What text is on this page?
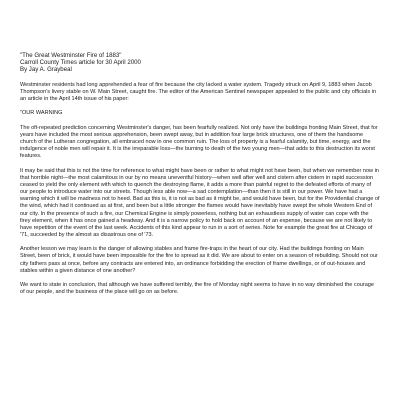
"The Great Westminster Fire of 1883"

Carroll County Times article for 30 April 2000

By Jay A. Graybeal

Westminster residents had long apprehended a fear of fire because the city lacked a water system. Tragedy struck on April 9, 1883 when Jacob Thompson's livery stable on W. Main Street, caught fire. The editor of the American Sentinel newspaper appealed to the public and city officials in an article in the April 14th issue of his paper:

"OUR WARNING

The oft-repeated prediction concerning Westminster's danger, has been fearfully realized. Not only have the buildings fronting Main Street, that for years have included the most serious apprehension, been swept away, but in addition four large brick structures, one of them the handsome church of the Lutheran congregation, all embraced now in one common ruin. The loss of property is a fearful calamity, but time, energy, and the indulgence of noble men will repair it. It is the irreparable loss—the burning to death of the two young men—that adds to this destruction its worst features.

It may be said that this is not the time for reference to what might have been or rather to what might not have been, but when we remember now in that horrible night—the most calamitous in our by no means uneventful history—when well after well and cistern after cistern in rapid succession ceased to yield the only element with which to quench the destroying flame, it adds a more than painful regret to the defeated efforts of many of our people to introduce water into our streets. Though less able now—a sad contemplation—than then it is still in our power. We have had a warning which it will be madness not to heed. Bad as this is, it is not as bad as it might be, and would have been, but for the Providential change of the wind, which had it continued as at first, and been but a little stronger the flames would have inevitably have swept the whole Western End of our city. In the presence of such a fire, our Chemical Engine is simply powerless, nothing but an exhaustless supply of water can cope with the firey element, when it has once gained a headway. And it is a narrow policy to hold back on account of an expense, because we are not likely to have repetition of the event of the last week. Accidents of this kind appear to run in a sort of series. Note for example the great fire at Chicago of '71, succeeded by the almost as disastrous one of '73.

Another lesson we may learn is the danger of allowing stables and frame fire-traps in the heart of our city. Had the buildings fronting on Main Street, been of brick, it would have been impossible for the fire to spread as it did. We are about to enter on a season of rebuilding. Should not our city fathers pass at once, before any contracts are entered into, an ordinance forbidding the erection of frame dwellings, or of out-houses and stables within a given distance of one another?

We want to state in conclusion, that although we have suffered terribly, the fire of Monday night seems to have in no way diminished the courage of our people, and the business of the place will go on as before.
